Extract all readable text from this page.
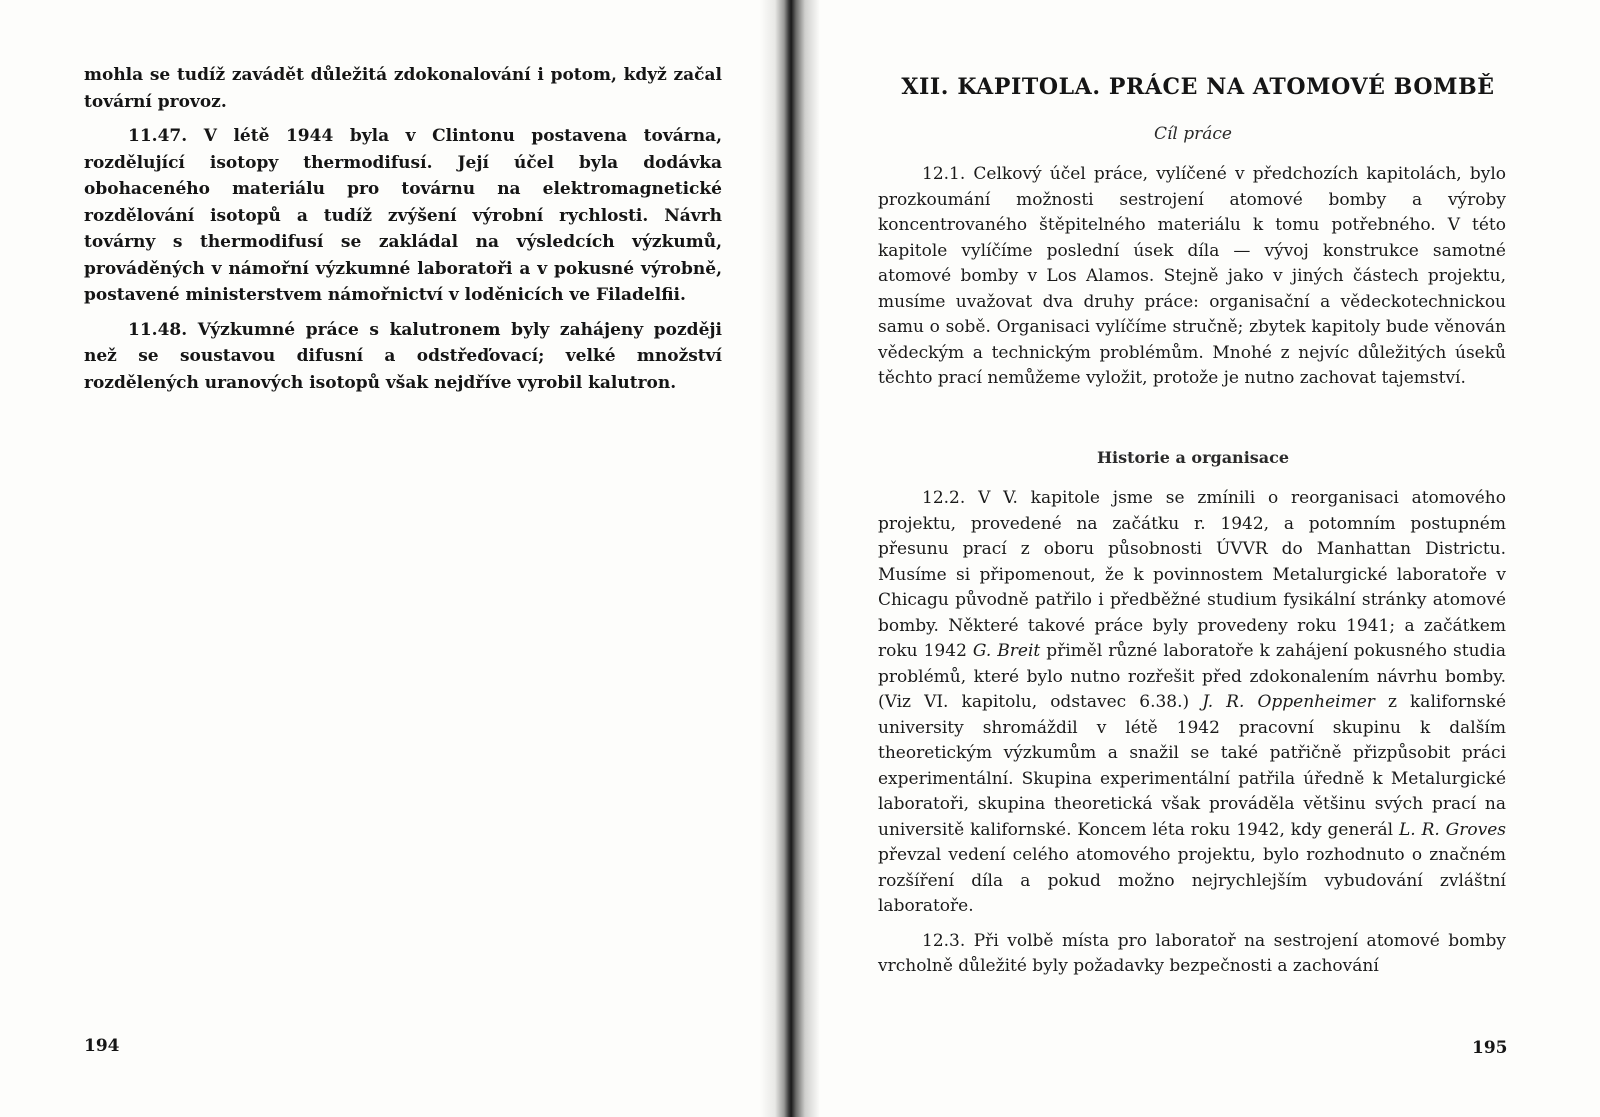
mohla se tudíž zavádět důležitá zdokonalování i potom, když začal tovární provoz.

11.47. V létě 1944 byla v Clintonu postavena továrna, rozdělující isotopy thermodifusí. Její účel byla dodávka obohaceného materiálu pro továrnu na elektromagnetické rozdělování isotopů a tudíž zvýšení výrobní rychlosti. Návrh továrny s thermodifusí se zakládal na výsledcích výzkumů, prováděných v námořní výzkumné laboratoři a v pokusné výrobně, postavené ministerstvem námořnictví v loděnicích ve Filadelfii.

11.48. Výzkumné práce s kalutronem byly zahájeny později než se soustavou difusní a odstřeďovací; velké množství rozdělených uranových isotopů však nejdříve vyrobil kalutron.

194
XII. KAPITOLA. PRÁCE NA ATOMOVÉ BOMBĚ
Cíl práce

12.1. Celkový účel práce, vylíčené v předchozích kapitolách, bylo prozkoumání možnosti sestrojení atomové bomby a výroby koncentrovaného štěpitelného materiálu k tomu potřebného. V této kapitole vylíčíme poslední úsek díla — vývoj konstrukce samotné atomové bomby v Los Alamos. Stejně jako v jiných částech projektu, musíme uvažovat dva druhy práce: organisační a vědeckotechnickou samu o sobě. Organisaci vylíčíme stručně; zbytek kapitoly bude věnován vědeckým a technickým problémům. Mnohé z nejvíc důležitých úseků těchto prací nemůžeme vyložit, protože je nutno zachovat tajemství.

Historie a organisace

12.2. V V. kapitole jsme se zmínili o reorganisaci atomového projektu, provedené na začátku r. 1942, a potomním postupném přesunu prací z oboru působnosti ÚVVR do Manhattan Districtu. Musíme si připomenout, že k povinnostem Metalurgické laboratoře v Chicagu původně patřilo i předběžné studium fysikální stránky atomové bomby. Některé takové práce byly provedeny roku 1941; a začátkem roku 1942 G. Breit přiměl různé laboratoře k zahájení pokusného studia problémů, které bylo nutno rozřešit před zdokonalením návrhu bomby. (Viz VI. kapitolu, odstavec 6.38.) J. R. Oppenheimer z kalifornské university shromáždil v létě 1942 pracovní skupinu k dalším theoretickým výzkumům a snažil se také patřičně přizpůsobit práci experimentální. Skupina experimentální patřila úředně k Metalurgické laboratoři, skupina theoretická však prováděla většinu svých prací na universitě kalifornské. Koncem léta roku 1942, kdy generál L. R. Groves převzal vedení celého atomového projektu, bylo rozhodnuto o značném rozšíření díla a pokud možno nejrychlejším vybudování zvláštní laboratoře.

12.3. Při volbě místa pro laboratoř na sestrojení atomové bomby vrcholně důležité byly požadavky bezpečnosti a zachování

195
